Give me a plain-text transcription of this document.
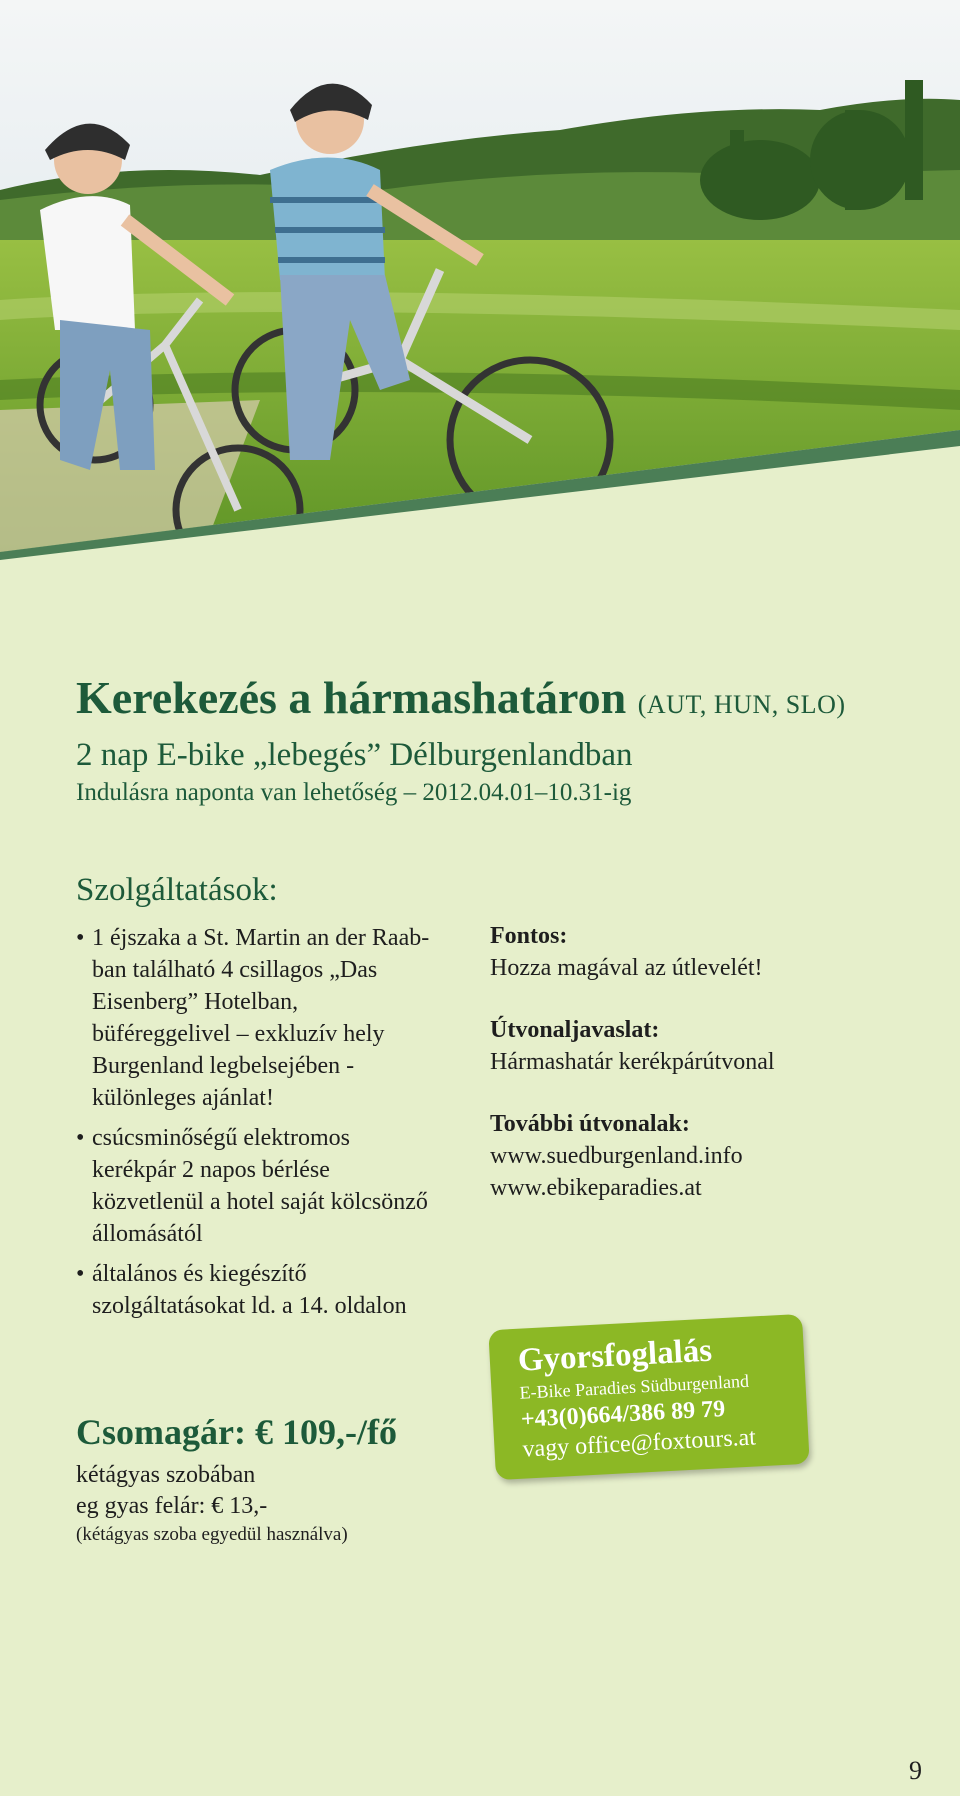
Kerekezés a hármashatáron (AUT, HUN, SLO)
2 nap E-bike „lebegés” Délburgenlandban
Indulásra naponta van lehetőség – 2012.04.01–10.31-ig
Szolgáltatások:
• 1 éjszaka a St. Martin an der Raab-ban található 4 csillagos „Das Eisenberg” Hotelban, büféreggelivel – exkluzív hely Burgenland legbelsejében - különleges ajánlat!
• csúcsminőségű elektromos kerékpár 2 napos bérlése közvetlenül a hotel saját kölcsönző állomásától
• általános és kiegészítő szolgáltatásokat ld. a 14. oldalon
Csomagár: € 109,-/fő
kétágyas szobában
eg gyas felár: € 13,-
(kétágyas szoba egyedül használva)
Fontos:
Hozza magával az útlevelét!
Útvonaljavaslat:
Hármashatár kerékpárútvonal
További útvonalak:
www.suedburgenland.info
www.ebikeparadies.at
Gyorsfoglalás
E-Bike Paradies Südburgenland
+43(0)664/386 89 79
vagy office@foxtours.at
9
